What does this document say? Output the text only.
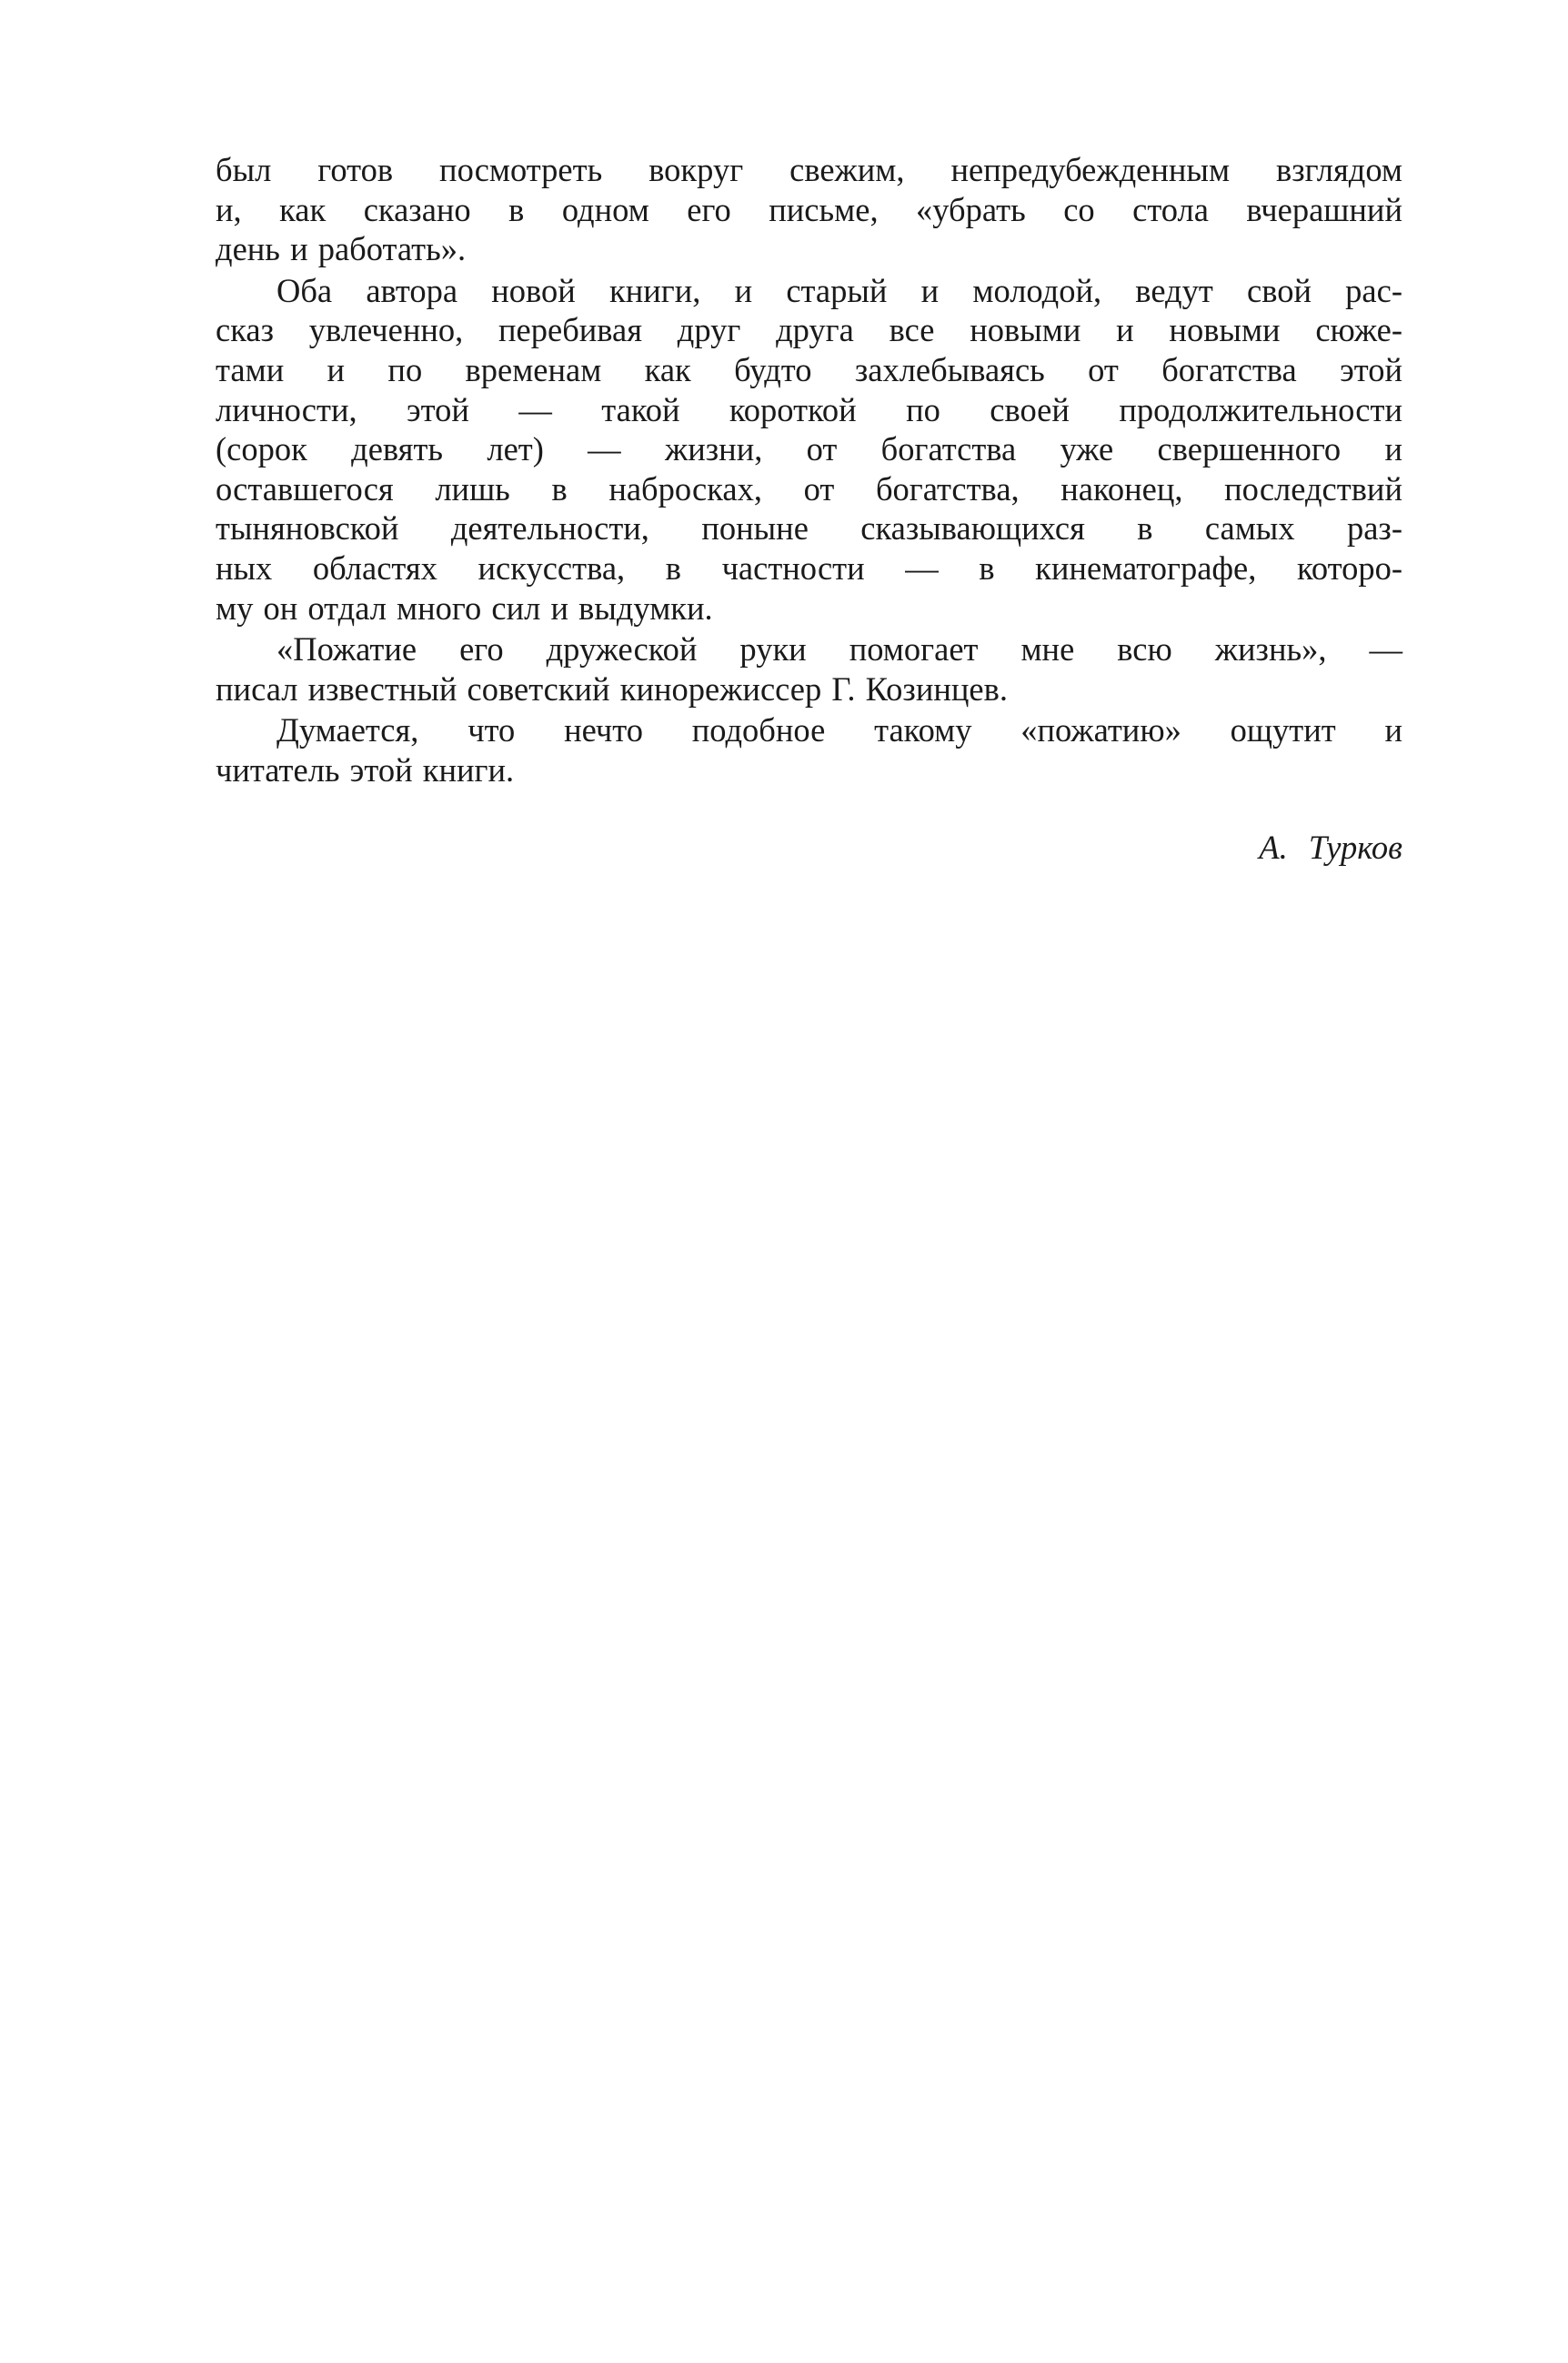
был готов посмотреть вокруг свежим, непредубежденным взглядом
и, как сказано в одном его письме, «убрать со стола вчерашний
день и работать».
Оба автора новой книги, и старый и молодой, ведут свой рас-
сказ увлеченно, перебивая друг друга все новыми и новыми сюже-
тами и по временам как будто захлебываясь от богатства этой
личности, этой — такой короткой по своей продолжительности
(сорок девять лет) — жизни, от богатства уже свершенного и
оставшегося лишь в набросках, от богатства, наконец, последствий
тыняновской деятельности, поныне сказывающихся в самых раз-
ных областях искусства, в частности — в кинематографе, которо-
му он отдал много сил и выдумки.
«Пожатие его дружеской руки помогает мне всю жизнь», —
писал известный советский кинорежиссер Г. Козинцев.
Думается, что нечто подобное такому «пожатию» ощутит и
читатель этой книги.
А. Турков
